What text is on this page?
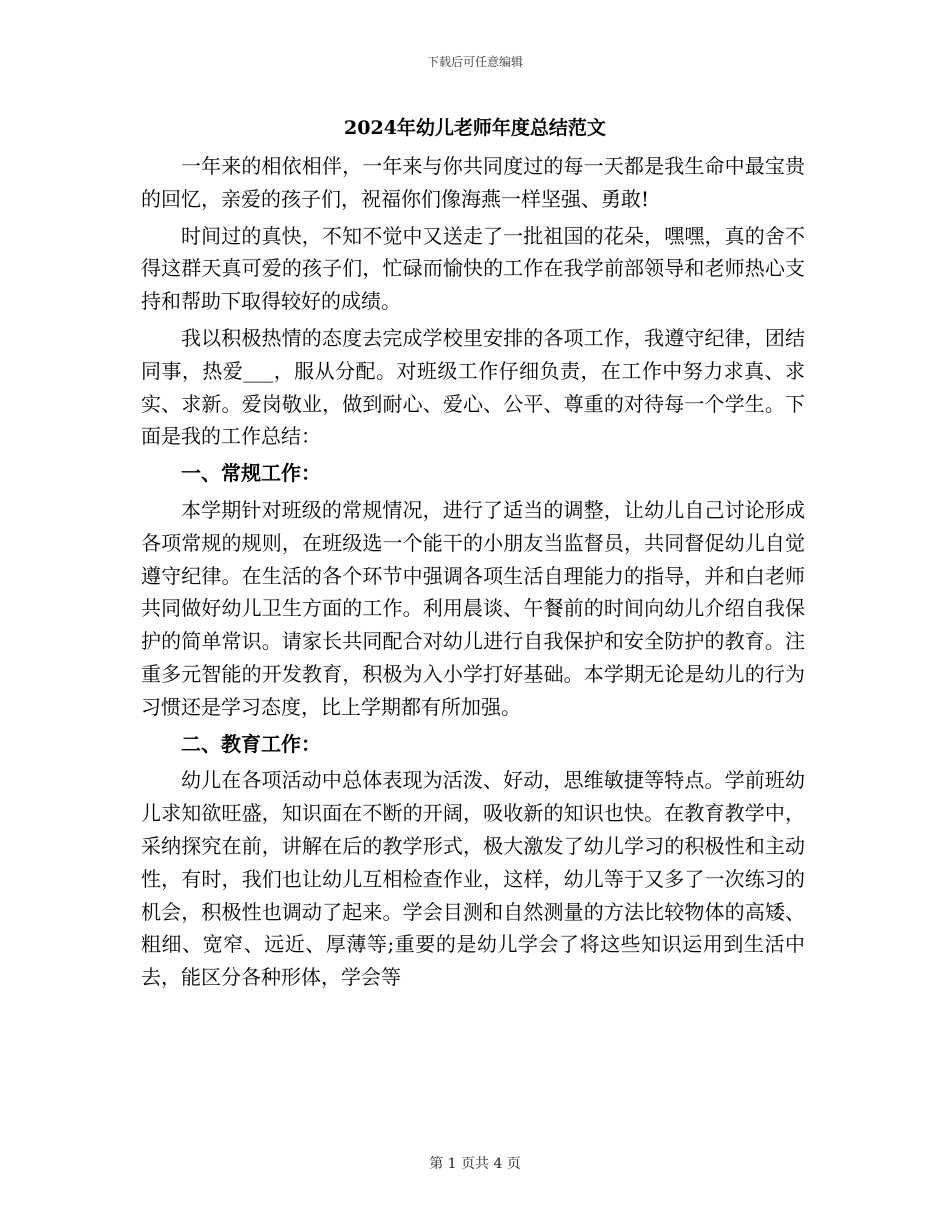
下载后可任意编辑
2024年幼儿老师年度总结范文

一年来的相依相伴，一年来与你共同度过的每一天都是我生命中最宝贵的回忆，亲爱的孩子们，祝福你们像海燕一样坚强、勇敢!

时间过的真快，不知不觉中又送走了一批祖国的花朵，嘿嘿，真的舍不得这群天真可爱的孩子们，忙碌而愉快的工作在我学前部领导和老师热心支持和帮助下取得较好的成绩。

我以积极热情的态度去完成学校里安排的各项工作，我遵守纪律，团结同事，热爱___，服从分配。对班级工作仔细负责，在工作中努力求真、求实、求新。爱岗敬业，做到耐心、爱心、公平、尊重的对待每一个学生。下面是我的工作总结：

一、常规工作：

本学期针对班级的常规情况，进行了适当的调整，让幼儿自己讨论形成各项常规的规则，在班级选一个能干的小朋友当监督员，共同督促幼儿自觉遵守纪律。在生活的各个环节中强调各项生活自理能力的指导，并和白老师共同做好幼儿卫生方面的工作。利用晨谈、午餐前的时间向幼儿介绍自我保护的简单常识。请家长共同配合对幼儿进行自我保护和安全防护的教育。注重多元智能的开发教育，积极为入小学打好基础。本学期无论是幼儿的行为习惯还是学习态度，比上学期都有所加强。

二、教育工作：

幼儿在各项活动中总体表现为活泼、好动，思维敏捷等特点。学前班幼儿求知欲旺盛，知识面在不断的开阔，吸收新的知识也快。在教育教学中，采纳探究在前，讲解在后的教学形式，极大激发了幼儿学习的积极性和主动性，有时，我们也让幼儿互相检查作业，这样，幼儿等于又多了一次练习的机会，积极性也调动了起来。学会目测和自然测量的方法比较物体的高矮、粗细、宽窄、远近、厚薄等;重要的是幼儿学会了将这些知识运用到生活中去，能区分各种形体，学会等

第 1 页共 4 页
